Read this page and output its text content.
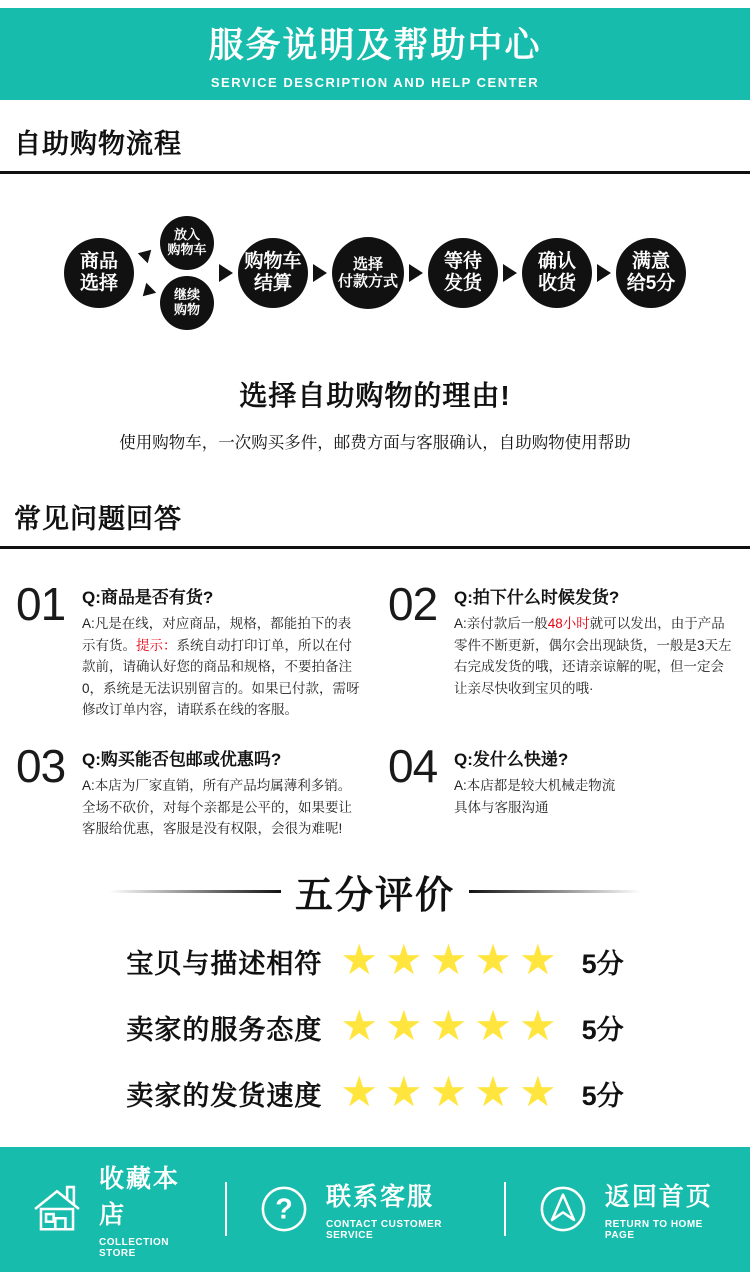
服务说明及帮助中心
SERVICE DESCRIPTION AND HELP CENTER
自助购物流程
商品
选择
放入
购物车
继续
购物
购物车
结算
选择
付款方式
等待
发货
确认
收货
满意
给5分
选择自助购物的理由!
使用购物车，一次购买多件，邮费方面与客服确认，自助购物使用帮助
常见问题回答
01 Q:商品是否有货?
A:凡是在线，对应商品，规格，都能拍下的表示有货。提示：系统自动打印订单，所以在付款前，请确认好您的商品和规格，不要拍备注0，系统是无法识别留言的。如果已付款，需呀修改订单内容，请联系在线的客服。
02 Q:拍下什么时候发货?
A:亲付款后一般48小时就可以发出，由于产品零件不断更新，偶尔会出现缺货，一般是3天左右完成发货的哦，还请亲谅解的呢，但一定会让亲尽快收到宝贝的哦·
03 Q:购买能否包邮或优惠吗?
A:本店为厂家直销，所有产品均属薄利多销。全场不砍价，对每个亲都是公平的，如果要让客服给优惠，客服是没有权限，会很为难呢!
04 Q:发什么快递?
A:本店都是较大机械走物流
具体与客服沟通
五分评价
宝贝与描述相符 ★★★★★ 5分
卖家的服务态度 ★★★★★ 5分
卖家的发货速度 ★★★★★ 5分
收藏本店
COLLECTION STORE
? 联系客服
CONTACT CUSTOMER SERVICE
返回首页
RETURN TO HOME PAGE
